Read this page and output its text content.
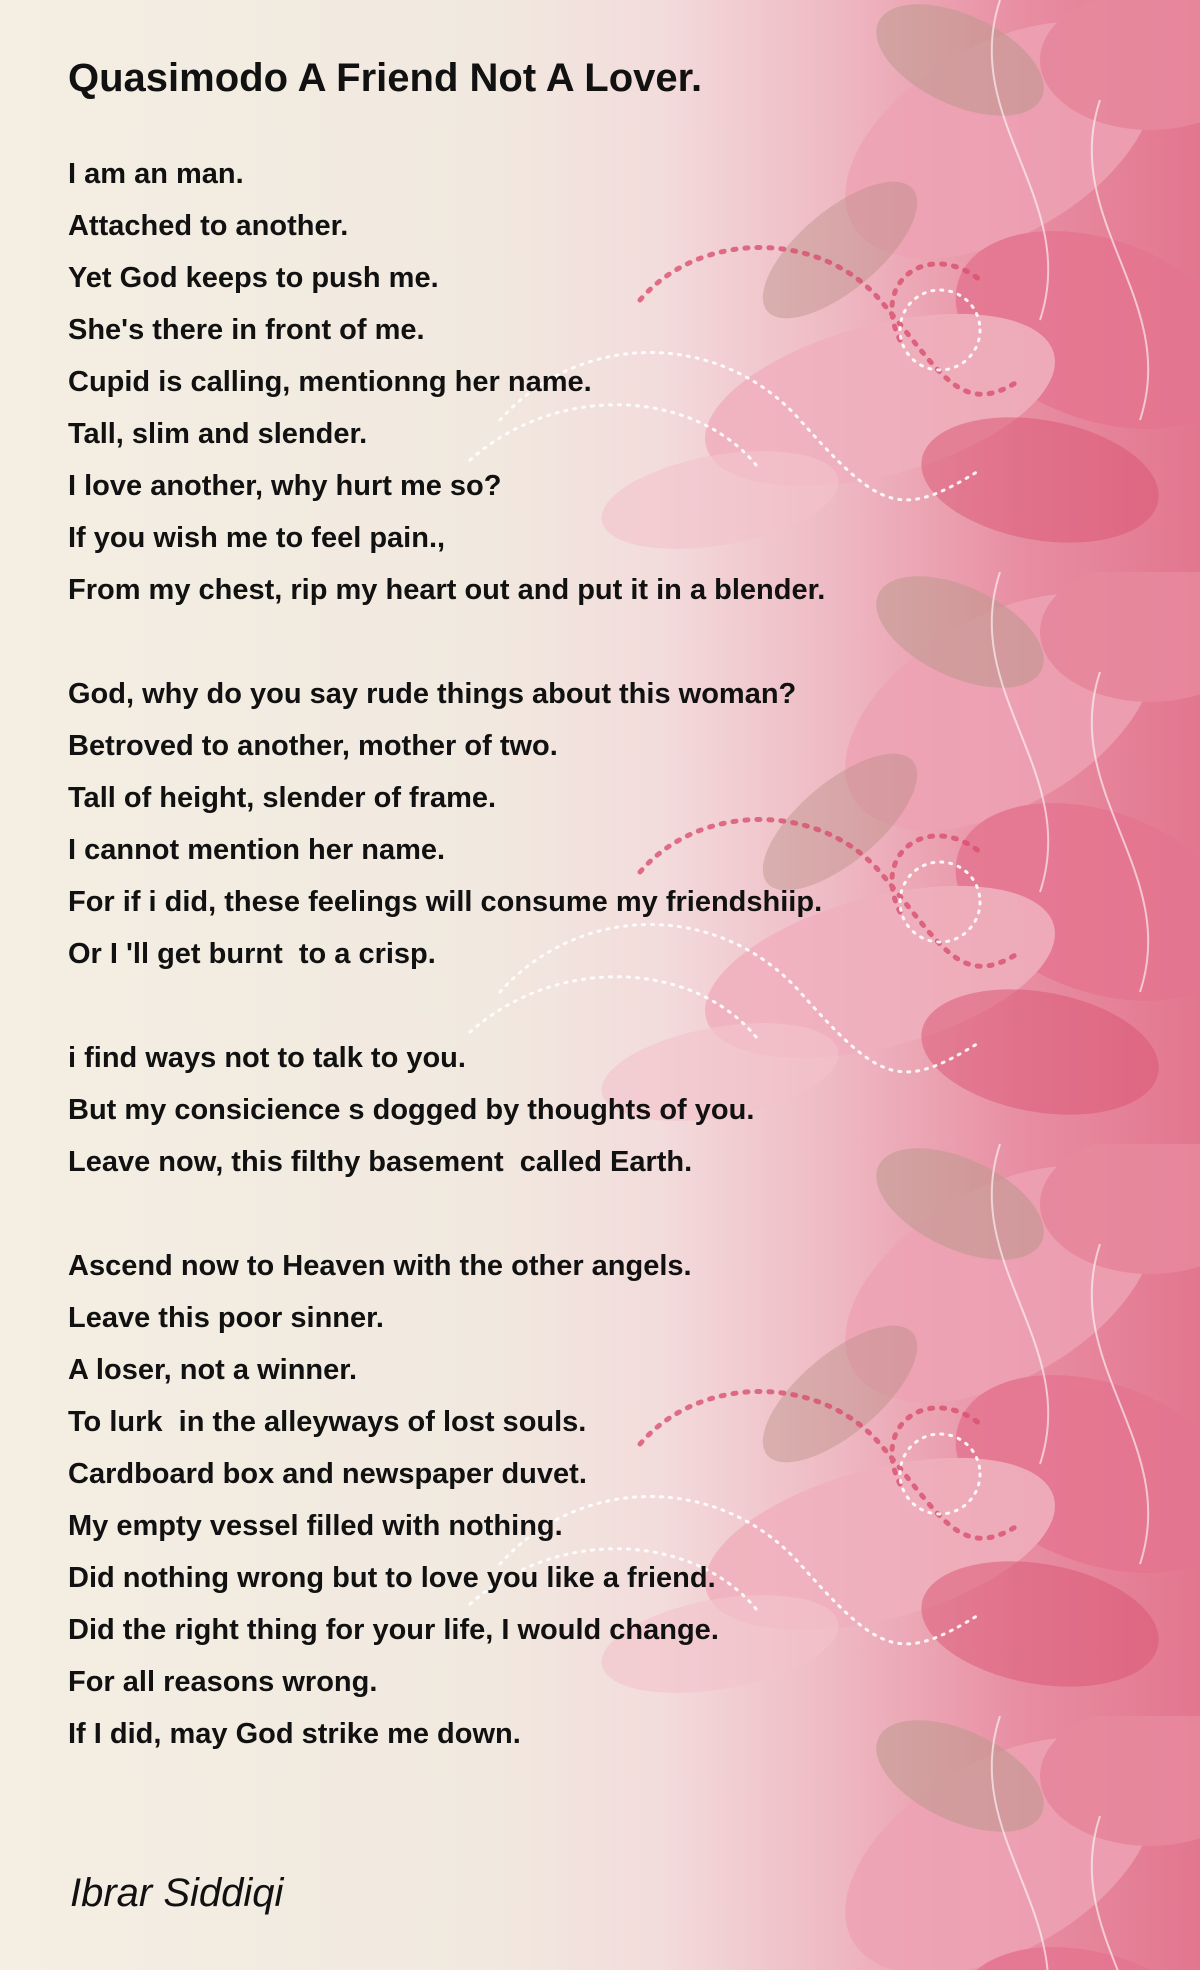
Quasimodo A Friend Not A Lover.
I am an man.
Attached to another.
Yet God keeps to push me.
She's there in front of me.
Cupid is calling, mentionng her name.
Tall, slim and slender.
I love another, why hurt me so?
If you wish me to feel pain.,
From my chest, rip my heart out and put it in a blender.
God, why do you say rude things about this woman?
Betroved to another, mother of two.
Tall of height, slender of frame.
I cannot mention her name.
For if i did, these feelings will consume my friendshiip.
Or I 'll get burnt  to a crisp.
i find ways not to talk to you.
But my consicience s dogged by thoughts of you.
Leave now, this filthy basement  called Earth.
Ascend now to Heaven with the other angels.
Leave this poor sinner.
A loser, not a winner.
To lurk  in the alleyways of lost souls.
Cardboard box and newspaper duvet.
My empty vessel filled with nothing.
Did nothing wrong but to love you like a friend.
Did the right thing for your life, I would change.
For all reasons wrong.
If I did, may God strike me down.

Ibrar Siddiqi
